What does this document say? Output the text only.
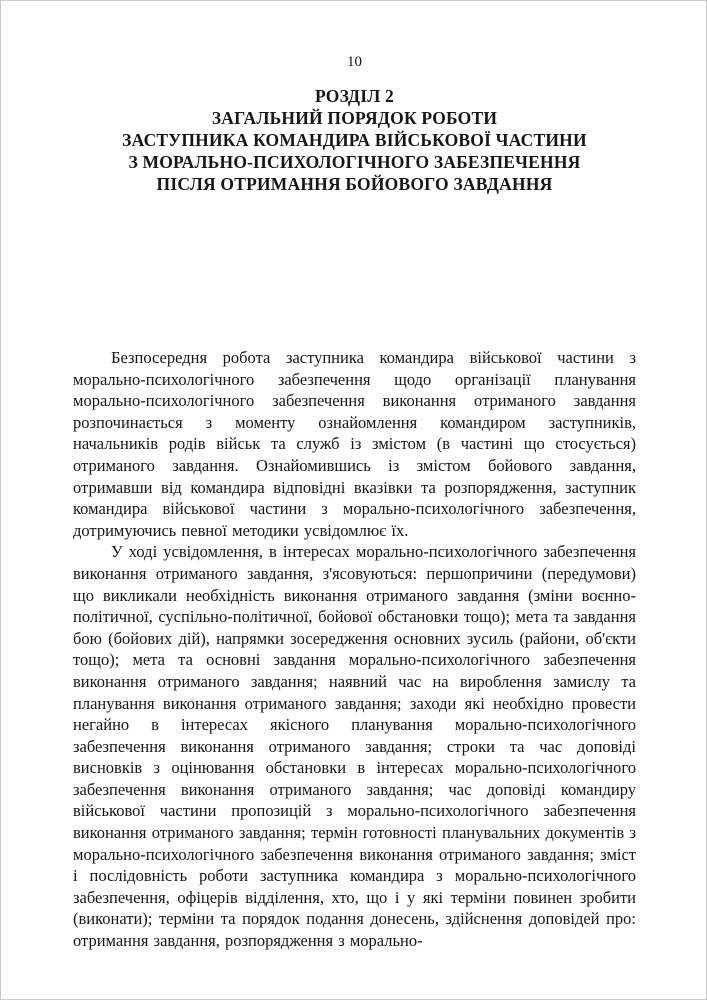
10
РОЗДІЛ 2
ЗАГАЛЬНИЙ ПОРЯДОК РОБОТИ
ЗАСТУПНИКА КОМАНДИРА ВІЙСЬКОВОЇ ЧАСТИНИ
З МОРАЛЬНО-ПСИХОЛОГІЧНОГО ЗАБЕЗПЕЧЕННЯ
ПІСЛЯ ОТРИМАННЯ БОЙОВОГО ЗАВДАННЯ

Безпосередня робота заступника командира військової частини з морально-психологічного забезпечення щодо організації планування морально-психологічного забезпечення виконання отриманого завдання розпочинається з моменту ознайомлення командиром заступників, начальників родів військ та служб із змістом (в частині що стосується) отриманого завдання. Ознайомившись із змістом бойового завдання, отримавши від командира відповідні вказівки та розпорядження, заступник командира військової частини з морально-психологічного забезпечення, дотримуючись певної методики усвідомлює їх.

У ході усвідомлення, в інтересах морально-психологічного забезпечення виконання отриманого завдання, з'ясовуються: першопричини (передумови) що викликали необхідність виконання отриманого завдання (зміни воєнно-політичної, суспільно-політичної, бойової обстановки тощо); мета та завдання бою (бойових дій), напрямки зосередження основних зусиль (райони, об'єкти тощо); мета та основні завдання морально-психологічного забезпечення виконання отриманого завдання; наявний час на вироблення замислу та планування виконання отриманого завдання; заходи які необхідно провести негайно в інтересах якісного планування морально-психологічного забезпечення виконання отриманого завдання; строки та час доповіді висновків з оцінювання обстановки в інтересах морально-психологічного забезпечення виконання отриманого завдання; час доповіді командиру військової частини пропозицій з морально-психологічного забезпечення виконання отриманого завдання; термін готовності планувальних документів з морально-психологічного забезпечення виконання отриманого завдання; зміст і послідовність роботи заступника командира з морально-психологічного забезпечення, офіцерів відділення, хто, що і у які терміни повинен зробити (виконати); терміни та порядок подання донесень, здійснення доповідей про: отримання завдання, розпорядження з морально-
